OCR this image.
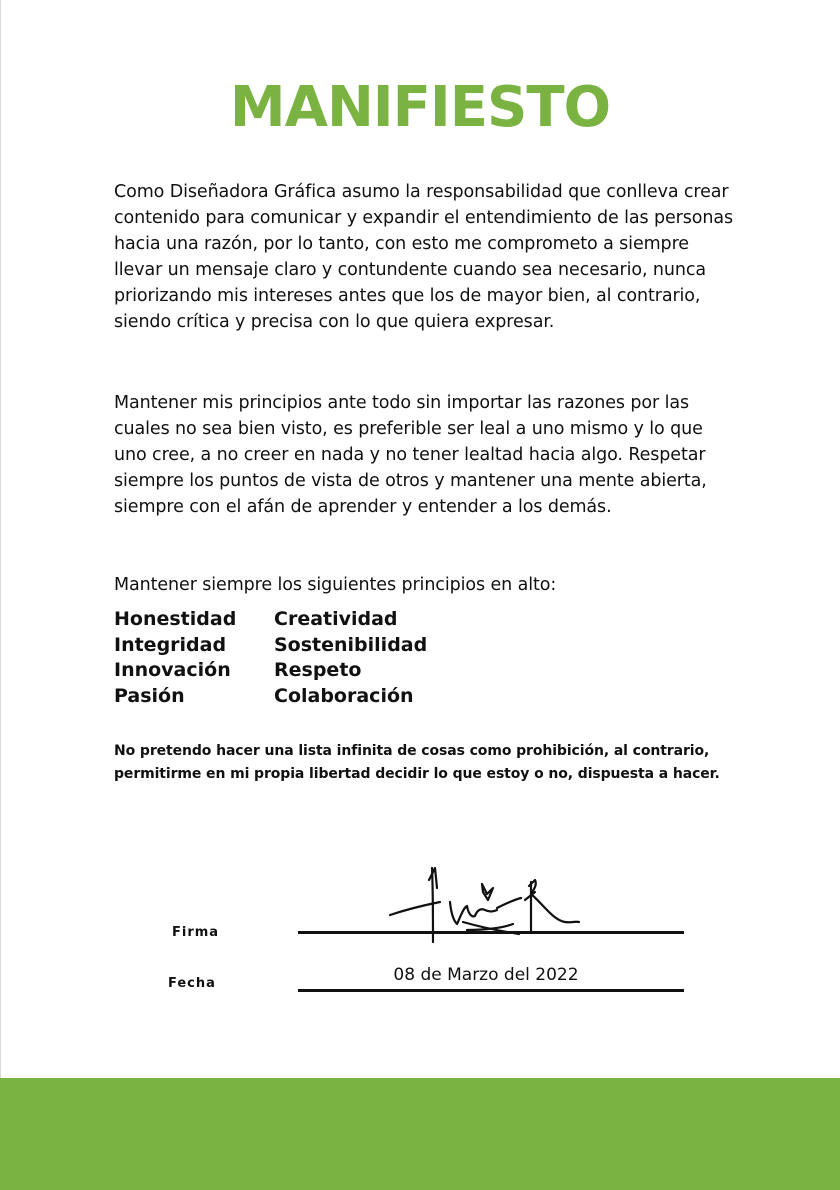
MANIFIESTO

Como Diseñadora Gráfica asumo la responsabilidad que conlleva crear contenido para comunicar y expandir el entendimiento de las personas hacia una razón, por lo tanto, con esto me comprometo a siempre llevar un mensaje claro y contundente cuando sea necesario, nunca priorizando mis intereses antes que los de mayor bien, al contrario, siendo crítica y precisa con lo que quiera expresar.

Mantener mis principios ante todo sin importar las razones por las cuales no sea bien visto, es preferible ser leal a uno mismo y lo que uno cree, a no creer en nada y no tener lealtad hacia algo. Respetar siempre los puntos de vista de otros y mantener una mente abierta, siempre con el afán de aprender y entender a los demás.

Mantener siempre los siguientes principios en alto:

Honestidad	Creatividad
Integridad	Sostenibilidad
Innovación	Respeto
Pasión	Colaboración
No pretendo hacer una lista infinita de cosas como prohibición, al contrario, permitirme en mi propia libertad decidir lo que estoy o no, dispuesta a hacer.
Firma
Fecha	08 de Marzo del 2022
